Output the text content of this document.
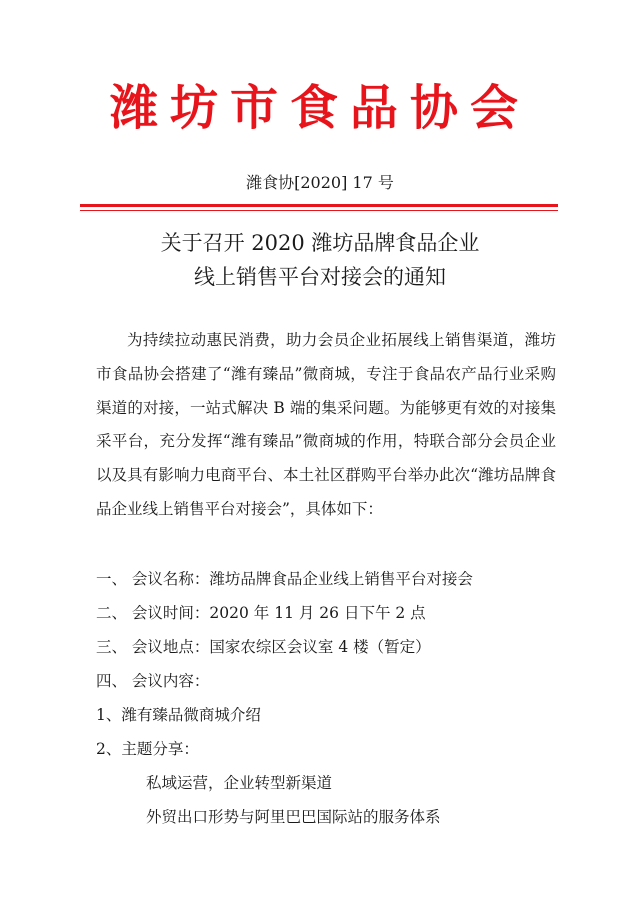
潍坊市食品协会
潍食协[2020] 17 号
关于召开 2020 潍坊品牌食品企业
线上销售平台对接会的通知
为持续拉动惠民消费，助力会员企业拓展线上销售渠道，潍坊市食品协会搭建了“潍有臻品”微商城，专注于食品农产品行业采购渠道的对接，一站式解决 B 端的集采问题。为能够更有效的对接集采平台，充分发挥“潍有臻品”微商城的作用，特联合部分会员企业以及具有影响力电商平台、本土社区群购平台举办此次“潍坊品牌食品企业线上销售平台对接会”，具体如下：
一、 会议名称：潍坊品牌食品企业线上销售平台对接会
二、 会议时间：2020 年 11 月 26 日下午 2 点
三、 会议地点：国家农综区会议室 4 楼（暂定）
四、 会议内容：
1、潍有臻品微商城介绍
2、主题分享：
私域运营，企业转型新渠道
外贸出口形势与阿里巴巴国际站的服务体系
